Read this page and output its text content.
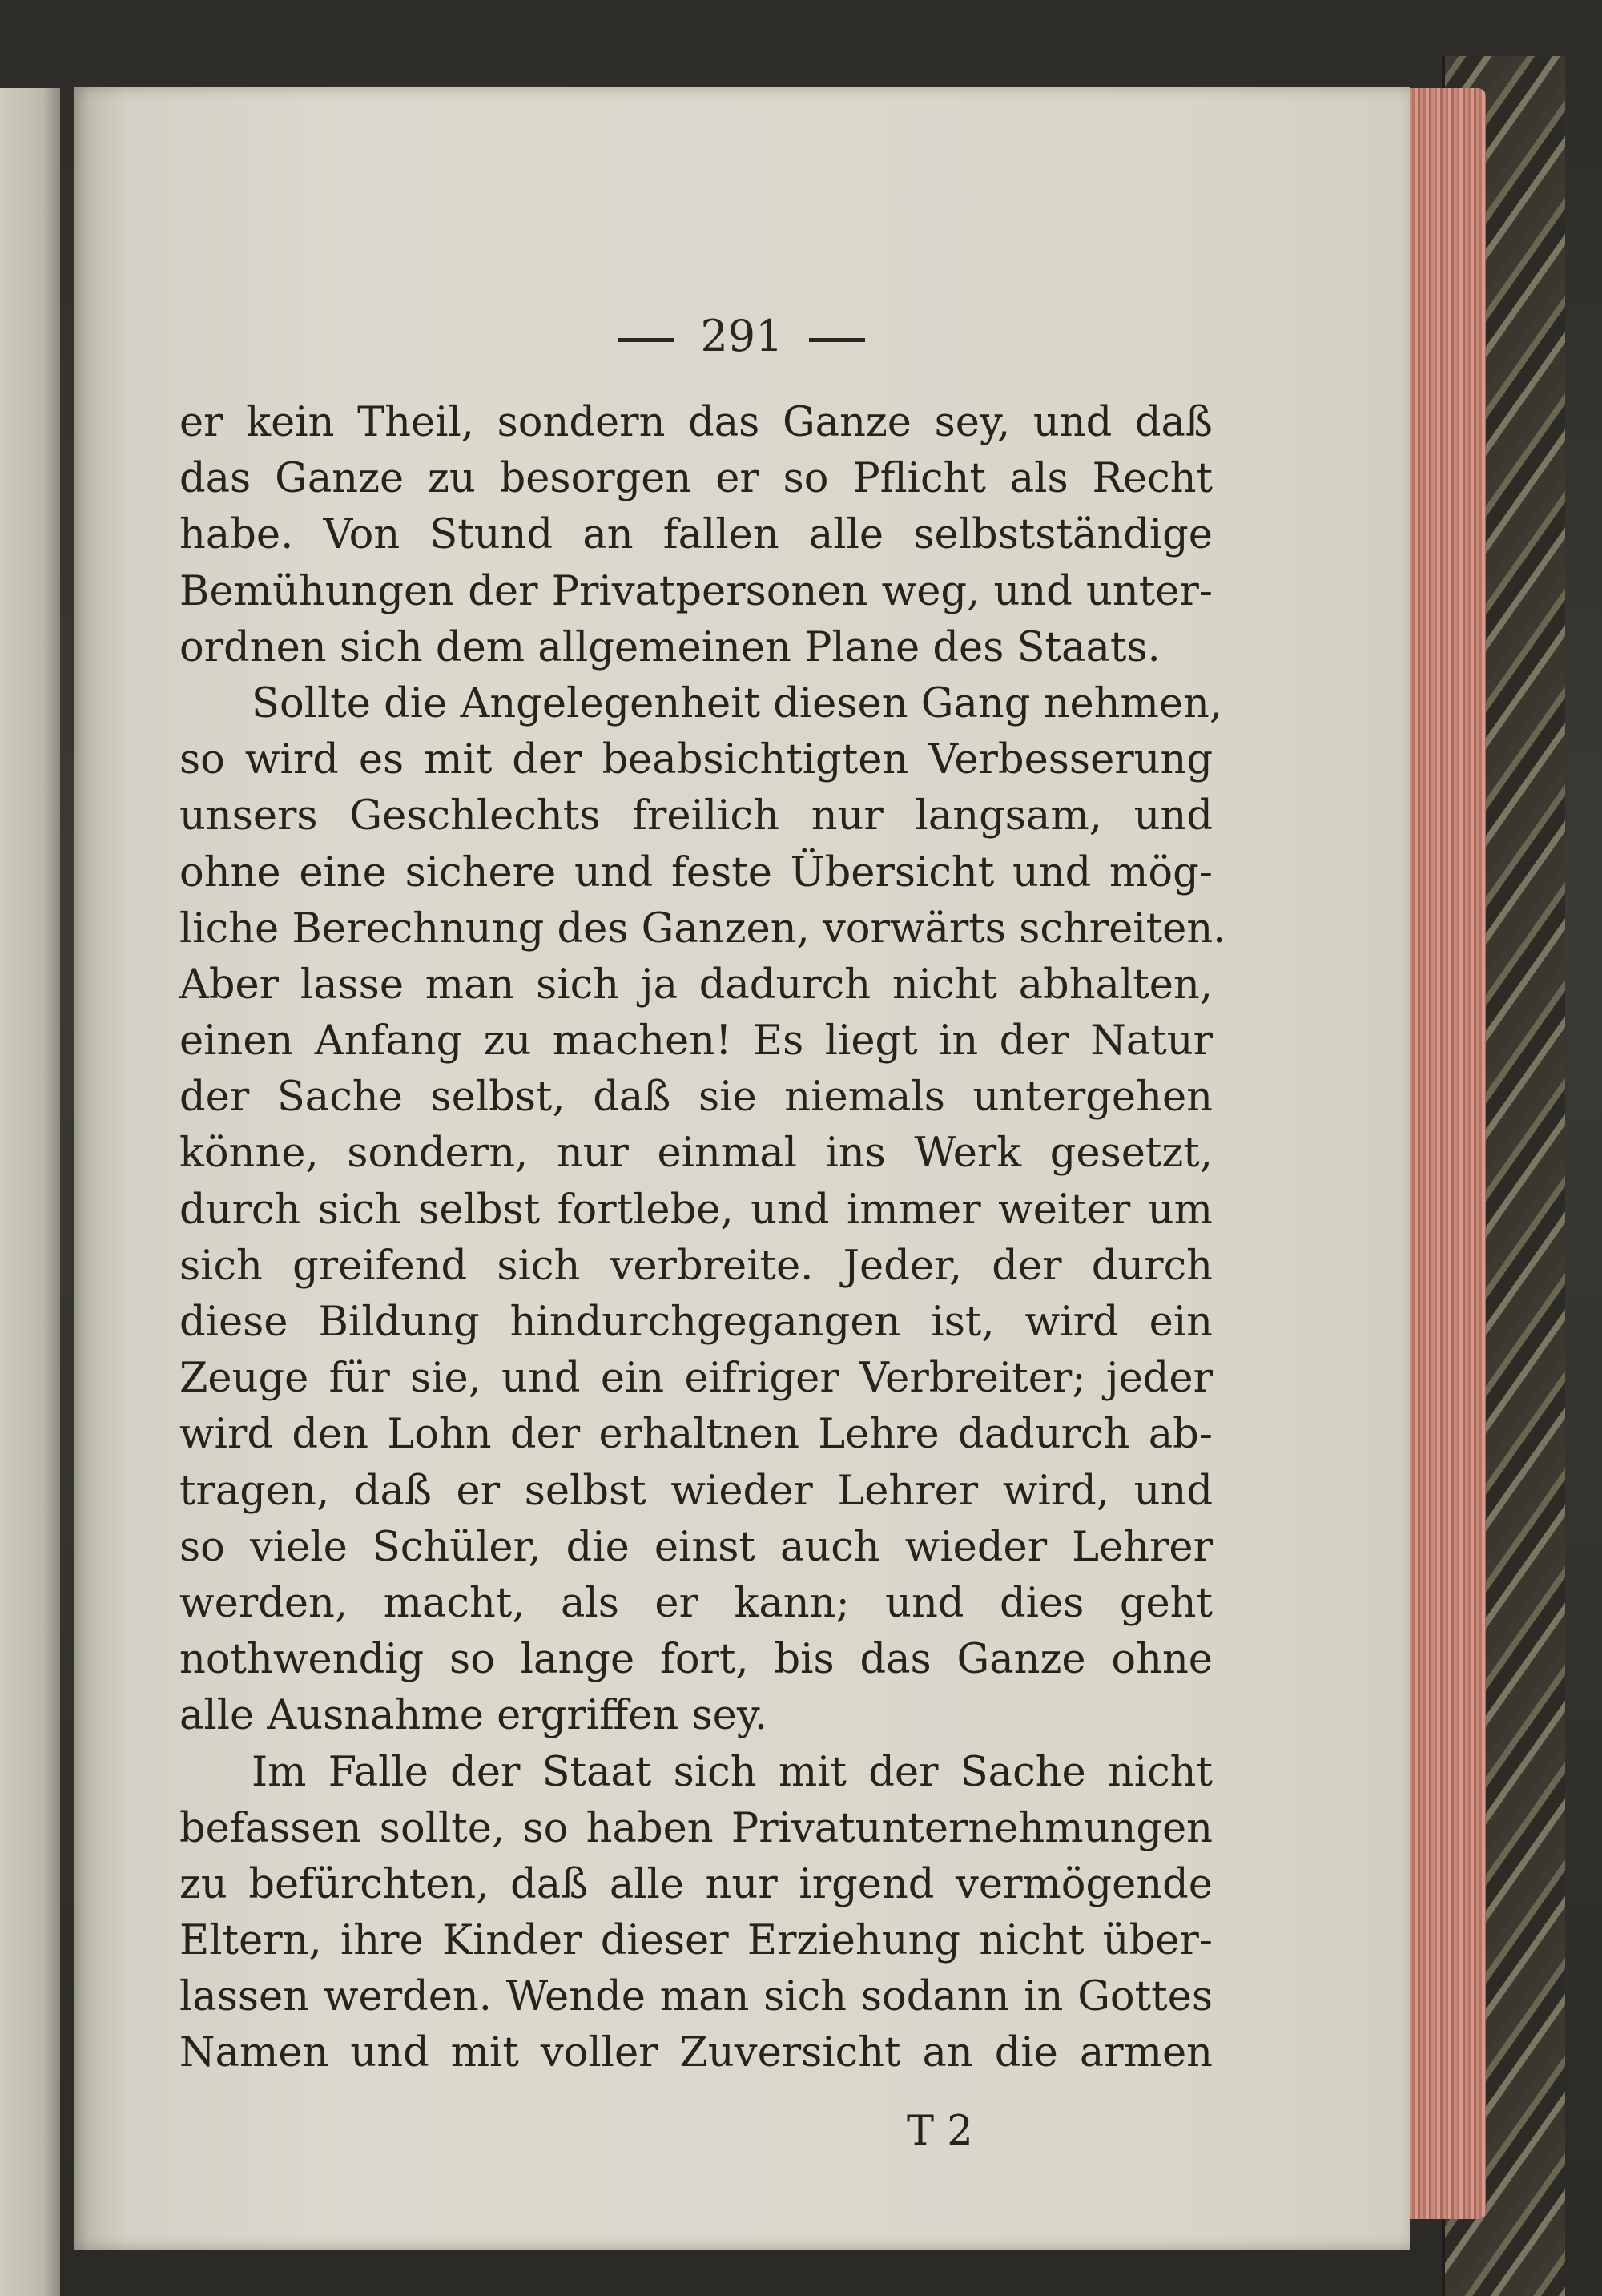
291
er kein Theil, sondern das Ganze sey, und daß
das Ganze zu besorgen er so Pflicht als Recht
habe. Von Stund an fallen alle selbstständige
Bemühungen der Privatpersonen weg, und unter-
ordnen sich dem allgemeinen Plane des Staats.
Sollte die Angelegenheit diesen Gang nehmen,
so wird es mit der beabsichtigten Verbesserung
unsers Geschlechts freilich nur langsam, und
ohne eine sichere und feste Übersicht und mög-
liche Berechnung des Ganzen, vorwärts schreiten.
Aber lasse man sich ja dadurch nicht abhalten,
einen Anfang zu machen! Es liegt in der Natur
der Sache selbst, daß sie niemals untergehen
könne, sondern, nur einmal ins Werk gesetzt,
durch sich selbst fortlebe, und immer weiter um
sich greifend sich verbreite. Jeder, der durch
diese Bildung hindurchgegangen ist, wird ein
Zeuge für sie, und ein eifriger Verbreiter; jeder
wird den Lohn der erhaltnen Lehre dadurch ab-
tragen, daß er selbst wieder Lehrer wird, und
so viele Schüler, die einst auch wieder Lehrer
werden, macht, als er kann; und dies geht
nothwendig so lange fort, bis das Ganze ohne
alle Ausnahme ergriffen sey.
Im Falle der Staat sich mit der Sache nicht
befassen sollte, so haben Privatunternehmungen
zu befürchten, daß alle nur irgend vermögende
Eltern, ihre Kinder dieser Erziehung nicht über-
lassen werden. Wende man sich sodann in Gottes
Namen und mit voller Zuversicht an die armen
T 2
